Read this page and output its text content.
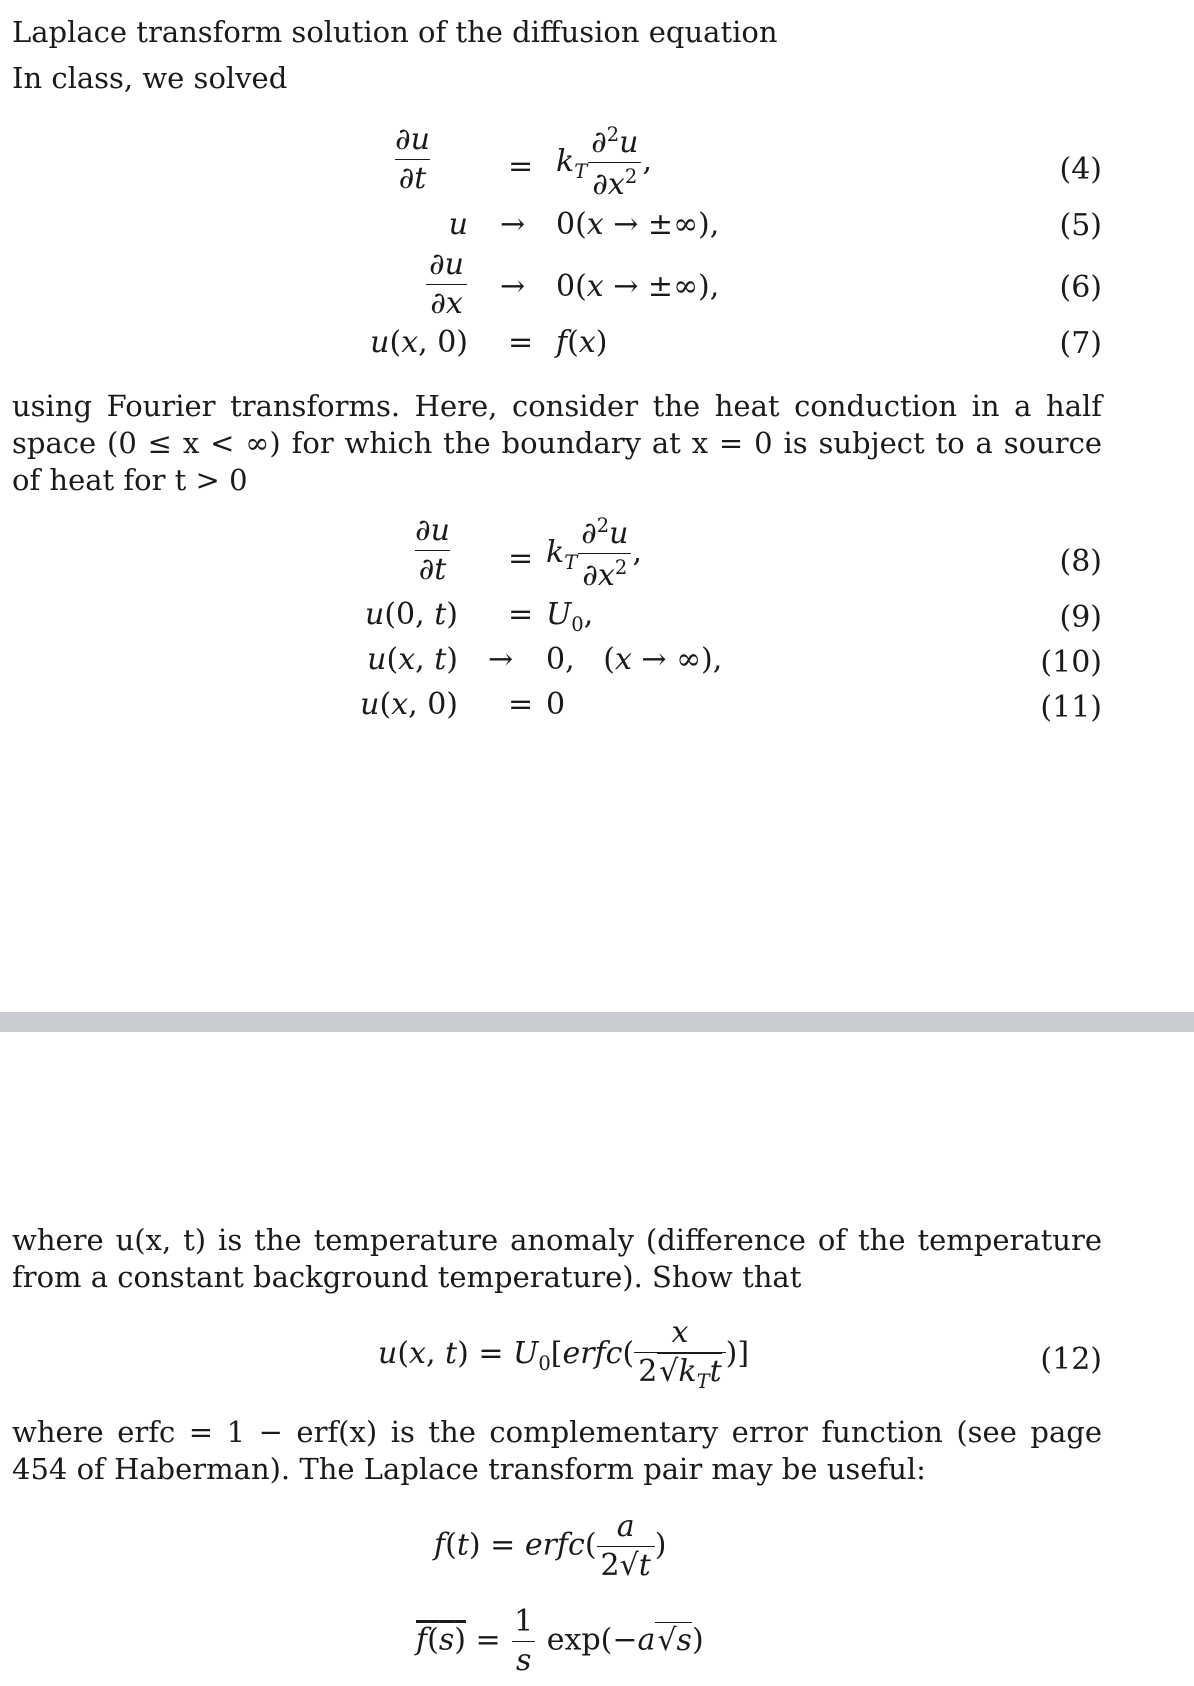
Laplace transform solution of the diffusion equation

In class, we solved

$\frac{\partial u}{\partial t} = k_T \frac{\partial^2u}{\partial x^2}$ ,	(4)
u → 0(x → ±∞),	(5)
$\frac{\partial u}{\partial x} \to 0(x$ → ±∞),	(6)
u(x, 0) = f(x)	(7)

using Fourier transforms. Here, consider the heat conduction in a half space (0 ≤ x < ∞) for which the boundary at x = 0 is subject to a source of heat for t > 0

$\frac{\partial u}{\partial t} = k_T \frac{\partial^2u}{\partial x^2}$ ,	(8)
u(0, $t) = U_0$,	(9)
u(x, t) → 0,   (x → ∞),	(10)
u(x, 0) = 0	(11)

where u(x, t) is the temperature anomaly (difference of the temperature from a constant background temperature). Show that

u(x, $t) = U_0[erfc( \frac{x}{2√k_Tt}$ )]	(12)

where erfc = 1 − erf(x) is the complementary error function (see page 454 of Haberman). The Laplace transform pair may be useful:

f(t) = erfc( $\frac{a}{2√t}$ )
$f(s) = \frac{1}{s} \exp(-a√s)$
